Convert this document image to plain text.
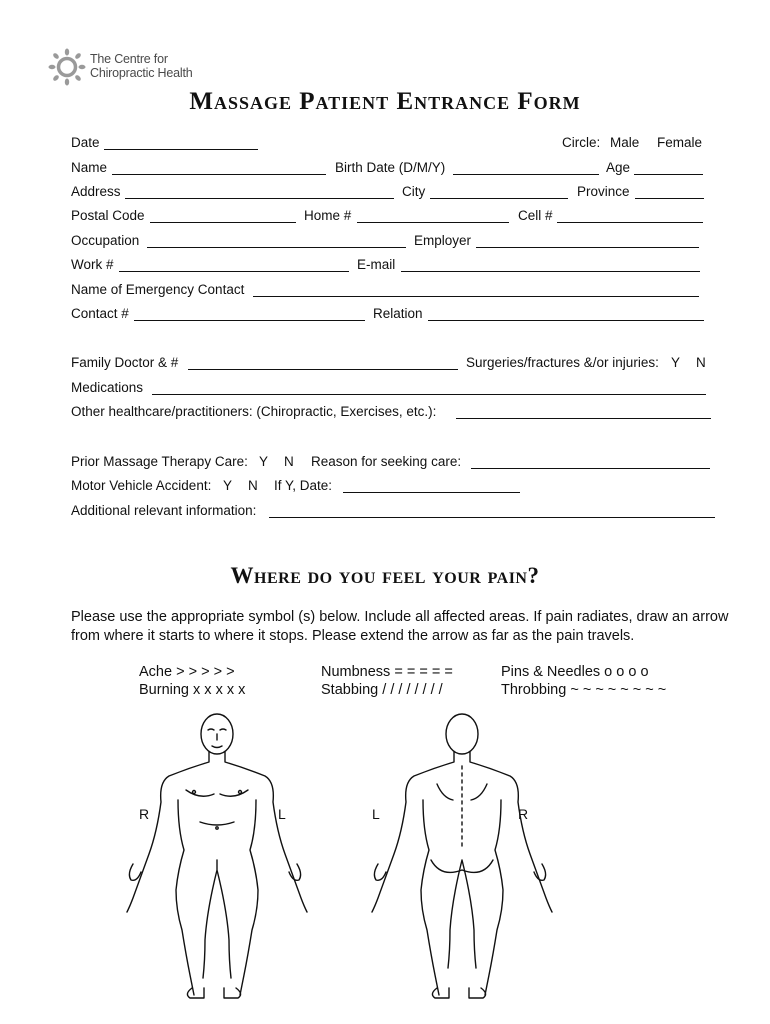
The Centre for
Chiropractic Health
Massage Patient Entrance Form
Date	Circle: Male Female
Name	Birth Date (D/M/Y)	Age
Address	City	Province
Postal Code	Home #	Cell #
Occupation	Employer
Work #	E-mail
Name of Emergency Contact
Contact #	Relation
Family Doctor & #	Surgeries/fractures &/or injuries: Y N
Medications
Other healthcare/practitioners: (Chiropractic, Exercises, etc.):
Prior Massage Therapy Care: Y N Reason for seeking care:
Motor Vehicle Accident: Y N If Y, Date:
Additional relevant information:
Where do you feel your pain?
Please use the appropriate symbol (s) below. Include all affected areas. If pain radiates, draw an arrow from where it starts to where it stops. Please extend the arrow as far as the pain travels.
Ache > > > > >
Burning x x x x x
Numbness = = = = =
Stabbing / / / / / / / /
Pins & Needles o o o o
Throbbing ~ ~ ~ ~ ~ ~ ~ ~
R	L	L	R
